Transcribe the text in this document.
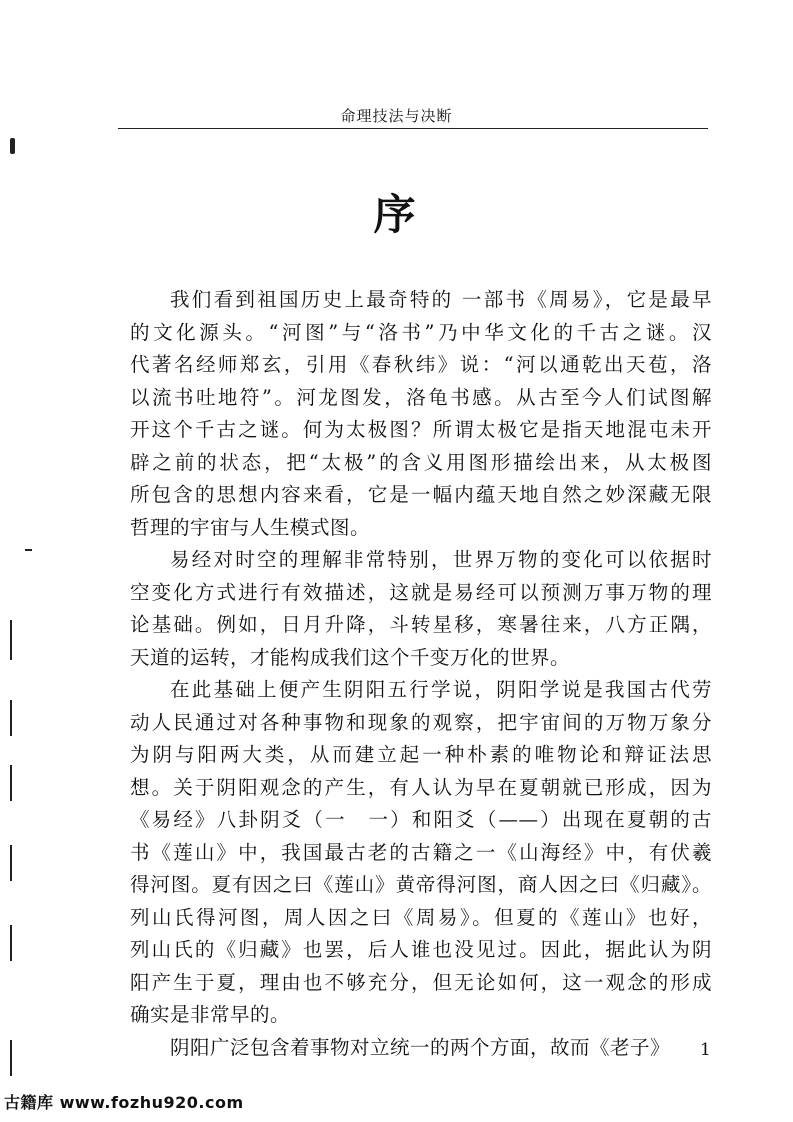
命理技法与决断
序
我们看到祖国历史上最奇特的 一部书《周易》，它是最早
的文化源头。“河图”与“洛书”乃中华文化的千古之谜。汉
代著名经师郑玄，引用《春秋纬》说：“河以通乾出天苞，洛
以流书吐地符”。河龙图发，洛龟书感。从古至今人们试图解
开这个千古之谜。何为太极图？所谓太极它是指天地混屯未开
辟之前的状态，把“太极”的含义用图形描绘出来，从太极图
所包含的思想内容来看，它是一幅内蕴天地自然之妙深藏无限
哲理的宇宙与人生模式图。
易经对时空的理解非常特别，世界万物的变化可以依据时
空变化方式进行有效描述，这就是易经可以预测万事万物的理
论基础。例如，日月升降，斗转星移，寒暑往来，八方正隅，
天道的运转，才能构成我们这个千变万化的世界。
在此基础上便产生阴阳五行学说，阴阳学说是我国古代劳
动人民通过对各种事物和现象的观察，把宇宙间的万物万象分
为阴与阳两大类，从而建立起一种朴素的唯物论和辩证法思
想。关于阴阳观念的产生，有人认为早在夏朝就已形成，因为
《易经》八卦阴爻（一　一）和阳爻（——）出现在夏朝的古
书《莲山》中，我国最古老的古籍之一《山海经》中，有伏羲
得河图。夏有因之曰《莲山》黄帝得河图，商人因之曰《归藏》。
列山氏得河图，周人因之曰《周易》。但夏的《莲山》也好，
列山氏的《归藏》也罢，后人谁也没见过。因此，据此认为阴
阳产生于夏，理由也不够充分，但无论如何，这一观念的形成
确实是非常早的。
阴阳广泛包含着事物对立统一的两个方面，故而《老子》	1
古籍库 www.fozhu920.com
